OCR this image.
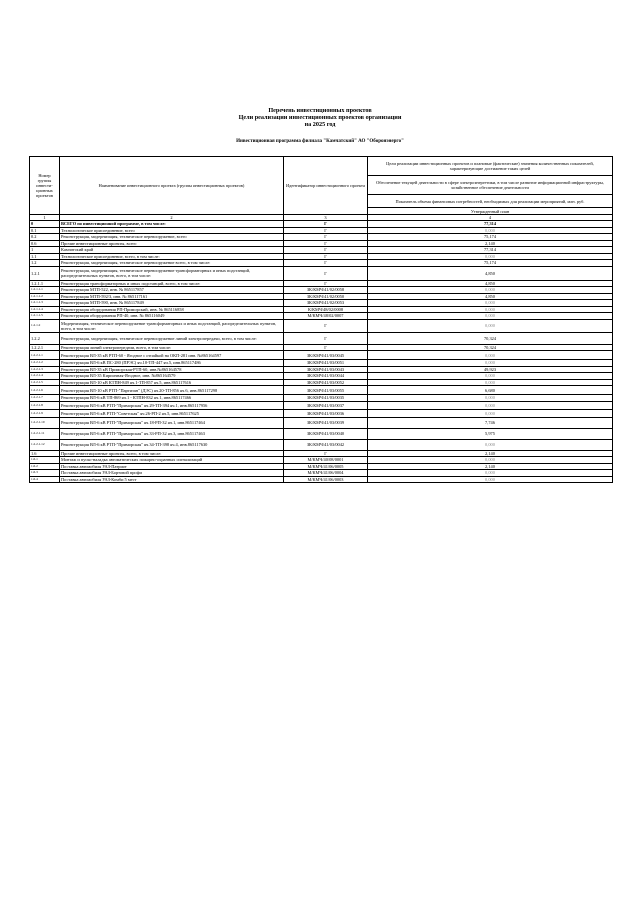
Перечень инвестиционных проектов
Цели реализации инвестиционных проектов организации
на 2025 год
Инвестиционная программа филиала "Камчатский" АО "Оборонэнерго"
Номер группы инвести-ционных проектов	Наименование инвестиционного проекта (группы инвестиционных проектов)	Идентификатор инвестиционного проекта	Цели реализации инвестиционных проектов и плановые (фактические) значения количественных показателей, характеризующие достижение таких целей
			Обеспечение текущей деятельности в сфере электроэнергетики, в том числе развитие информационной инфраструктуры, хозяйственное обеспечение деятельности
			Показатель объема финансовых потребностей, необходимых для реализации мероприятий, млн. руб.
			Утвержденный план
1	2	3	4
0	ВСЕГО по инвестиционной программе, в том числе:	Г	77,314
0.1	Технологическое присоединение, всего	Г	0,000
0.2	Реконструкция, модернизация, техническое перевооружение, всего	Г	75,174
0.6	Прочие инвестиционные проекты, всего	Г	2,140
1	Камчатский край	Г	77,314
1.1	Технологическое присоединение, всего, в том числе:	Г	0,000
1.2	Реконструкция, модернизация, техническое перевооружение всего, в том числе:	Г	75,174
1.2.1	Реконструкция, модернизация, техническое перевооружение трансформаторных и иных подстанций, распределительных пунктов, всего, в том числе:	Г	4,850
1.2.1.1	Реконструкция трансформаторных и иных подстанций, всего, в том числе:	Г	4,850
1.2.1.1.1	Реконструкция МТП-522, инв. № 865117857	ЗК/КМЧ/41/02/0058	0,000
1.2.1.1.2	Реконструкция МТП-592/3, инв. № 865117161	ЗК/КМЧ/41/02/0050	4,850
1.2.1.1.3	Реконструкция МТП-590, инв. № 865117849	ЗК/КМЧ/41/02/0053	0,000
1.2.1.1.4	Реконструкция оборудования РП-Приморский, инв. № 865116858	К/КМЧ/48/02/0008	0,000
1.2.1.1.5	Реконструкция оборудования РП-40, инв. № 865116049	М/КМЧ/48/02/0007	0,000
1.2.1.2	Модернизация, техническое перевооружение трансформаторных и иных подстанций, распределительных пунктов, всего, в том числе:	Г	0,000
1.2.2	Реконструкция, модернизация, техническое перевооружение линий электропередачи, всего, в том числе:	Г	70,324
1.2.2.1	Реконструкция линий электропередачи, всего, в том числе:	Г	70,324
1.2.2.1.1	Реконструкция ВЛ-35 кВ РТП-60 - Ягодное с отпайкой на ОКП-281 инв. №865164597	ЗК/КМЧ/41/03/0045	0,000
1.2.2.1.2	Реконструкция ВЛ-6 кВ ПС-280 (ПРЭС) яч.10-ТП-447 яч.5, инв.865117486	ЗК/КМЧ/41/03/0051	0,000
1.2.2.1.3	Реконструкция ВЛ-35 кВ Приморская-РТП-60, инв.№865164578	ЗК/КМЧ/41/03/0043	49,923
1.2.2.1.4	Реконструкция ВЛ-35 Кирпичная-Ягодное, инв. №865164579	ЗК/КМЧ/41/03/0044	0,000
1.2.2.1.5	Реконструкция ВЛ-10 кВ КТПН-849 яч.1-ТП-857 яч.5, инв.865117616	ЗК/КМЧ/41/03/0052	0,000
1.2.2.1.6	Реконструкция ВЛ-10 кВ РТП-"Партизан" (ДЭС) яч.20-ТП-856 яч.6, инв.865117298	ЗК/КМЧ/41/03/0055	6,680
1.2.2.1.7	Реконструкция ВЛ-6 кВ ТП-869 яч.1 - КТПН-832 яч.1, инв.865117466	ЗК/КМЧ/41/03/0035	0,000
1.2.2.1.8	Реконструкция ВЛ-6 кВ РТП-"Приморская" яч.29-ТП-394 яч.1, инв.865117956	ЗК/КМЧ/41/03/0037	0,000
1.2.2.1.9	Реконструкция ВЛ-6 кВ РТП-"Советская" яч.26-РП-2 яч.5, инв.865117625	ЗК/КМЧ/41/03/0036	0,000
1.2.2.1.10	Реконструкция ВЛ-6 кВ РТП-"Приморская" яч.18-РП-32 яч.1, инв.865117464	ЗК/КМЧ/41/03/0039	7,746
1.2.2.1.11	Реконструкция ВЛ-6 кВ РТП-"Приморская" яч.33-РП-32 яч.3, инв.865117463	ЗК/КМЧ/41/03/0040	5,975
1.2.2.1.12	Реконструкция ВЛ-6 кВ РТП-"Приморская" яч.34-ТП-398 яч.4, инв.865117630	ЗК/КМЧ/41/03/0042	0,000
1.6	Прочие инвестиционные проекты, всего, в том числе:	Г	2,140
1.6.1	Монтаж и пуско-наладка автоматических пожарно-охранных сигнализаций	М/КМЧ/40/08/0001	0,000
1.6.2	Поставка автомобиля УАЗ-Патриот	М/КМЧ/41/06/0005	2,140
1.6.3	Поставка автомобиля УАЗ-Бортовой профи	М/КМЧ/41/06/0004	0,000
1.6.4	Поставка автомобиля УАЗ-Комби 5 мест	М/КМЧ/41/06/0003	0,000
